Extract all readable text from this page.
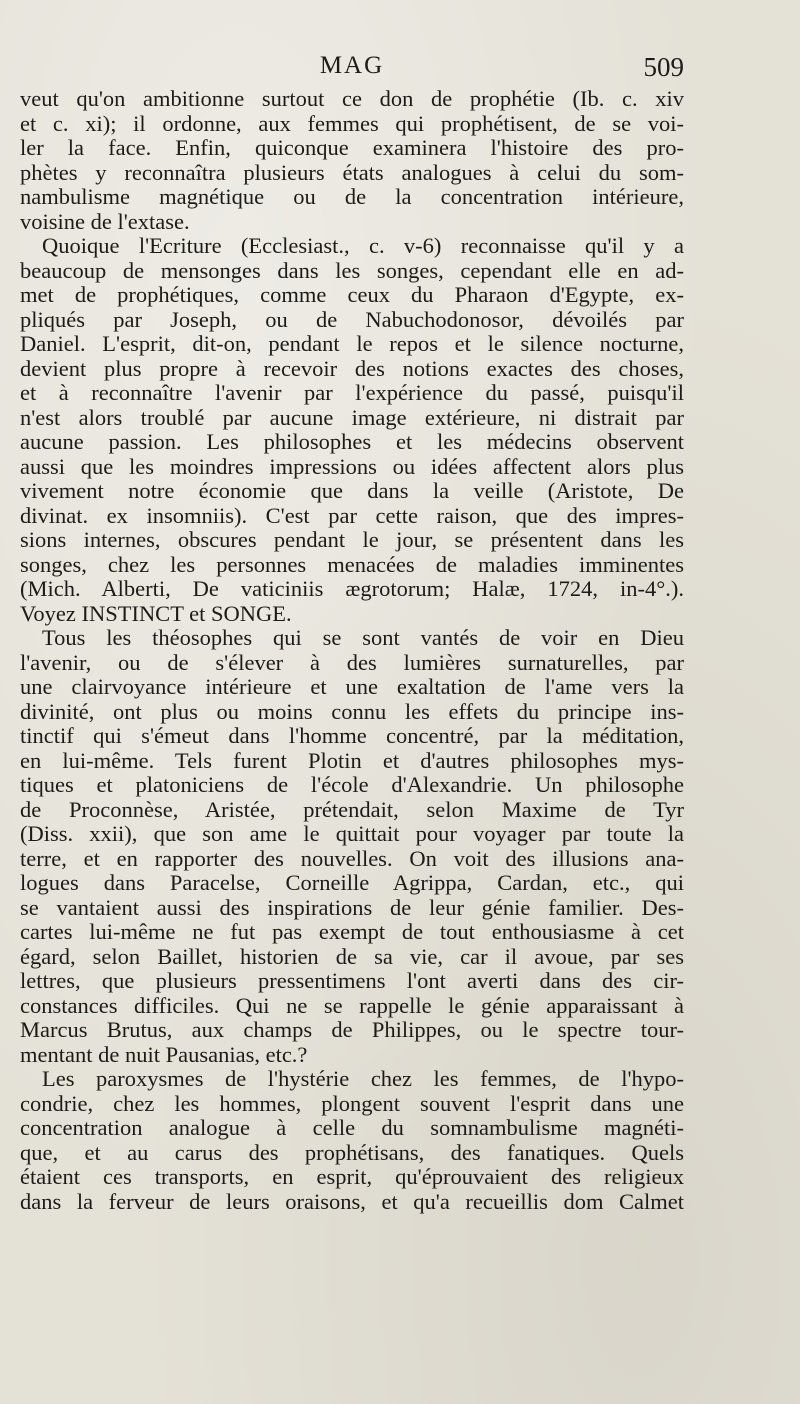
MAG	509
veut qu'on ambitionne surtout ce don de prophétie (Ib. c. xiv
et c. xi); il ordonne, aux femmes qui prophétisent, de se voi-
ler la face. Enfin, quiconque examinera l'histoire des pro-
phètes y reconnaîtra plusieurs états analogues à celui du som-
nambulisme magnétique ou de la concentration intérieure,
voisine de l'extase.
Quoique l'Ecriture (Ecclesiast., c. v-6) reconnaisse qu'il y a
beaucoup de mensonges dans les songes, cependant elle en ad-
met de prophétiques, comme ceux du Pharaon d'Egypte, ex-
pliqués par Joseph, ou de Nabuchodonosor, dévoilés par
Daniel. L'esprit, dit-on, pendant le repos et le silence nocturne,
devient plus propre à recevoir des notions exactes des choses,
et à reconnaître l'avenir par l'expérience du passé, puisqu'il
n'est alors troublé par aucune image extérieure, ni distrait par
aucune passion. Les philosophes et les médecins observent
aussi que les moindres impressions ou idées affectent alors plus
vivement notre économie que dans la veille (Aristote, De
divinat. ex insomniis). C'est par cette raison, que des impres-
sions internes, obscures pendant le jour, se présentent dans les
songes, chez les personnes menacées de maladies imminentes
(Mich. Alberti, De vaticiniis ægrotorum; Halæ, 1724, in-4°.).
Voyez INSTINCT et SONGE.
Tous les théosophes qui se sont vantés de voir en Dieu
l'avenir, ou de s'élever à des lumières surnaturelles, par
une clairvoyance intérieure et une exaltation de l'ame vers la
divinité, ont plus ou moins connu les effets du principe ins-
tinctif qui s'émeut dans l'homme concentré, par la méditation,
en lui-même. Tels furent Plotin et d'autres philosophes mys-
tiques et platoniciens de l'école d'Alexandrie. Un philosophe
de Proconnèse, Aristée, prétendait, selon Maxime de Tyr
(Diss. xxii), que son ame le quittait pour voyager par toute la
terre, et en rapporter des nouvelles. On voit des illusions ana-
logues dans Paracelse, Corneille Agrippa, Cardan, etc., qui
se vantaient aussi des inspirations de leur génie familier. Des-
cartes lui-même ne fut pas exempt de tout enthousiasme à cet
égard, selon Baillet, historien de sa vie, car il avoue, par ses
lettres, que plusieurs pressentimens l'ont averti dans des cir-
constances difficiles. Qui ne se rappelle le génie apparaissant à
Marcus Brutus, aux champs de Philippes, ou le spectre tour-
mentant de nuit Pausanias, etc.?
Les paroxysmes de l'hystérie chez les femmes, de l'hypo-
condrie, chez les hommes, plongent souvent l'esprit dans une
concentration analogue à celle du somnambulisme magnéti-
que, et au carus des prophétisans, des fanatiques. Quels
étaient ces transports, en esprit, qu'éprouvaient des religieux
dans la ferveur de leurs oraisons, et qu'a recueillis dom Calmet
